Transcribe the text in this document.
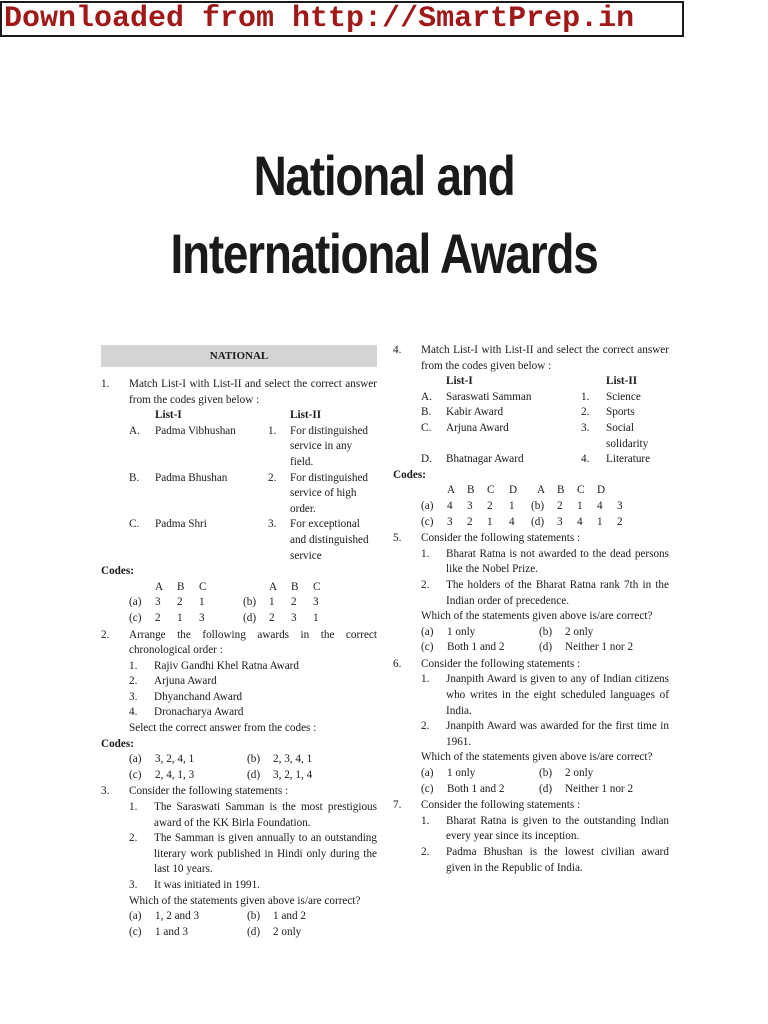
Downloaded from http://SmartPrep.in
National and
International Awards
NATIONAL
1. Match List-I with List-II and select the correct answer from the codes given below :
List-I	List-II
A.	Padma Vibhushan	1.	For distinguished service in any field.
B.	Padma Bhushan	2.	For distinguished service of high order.
C.	Padma Shri	3.	For exceptional and distinguished service
Codes:
A	B	C	A	B	C
(a)	3	2	1	(b)	1	2	3
(c)	2	1	3	(d)	2	3	1
2. Arrange the following awards in the correct chronological order :
1. Rajiv Gandhi Khel Ratna Award
2. Arjuna Award
3. Dhyanchand Award
4. Dronacharya Award
Select the correct answer from the codes :
Codes:
(a)	3, 2, 4, 1	(b)	2, 3, 4, 1
(c)	2, 4, 1, 3	(d)	3, 2, 1, 4
3. Consider the following statements :
1. The Saraswati Samman is the most prestigious award of the KK Birla Foundation.
2. The Samman is given annually to an outstanding literary work published in Hindi only during the last 10 years.
3. It was initiated in 1991.
Which of the statements given above is/are correct?
(a)	1, 2 and 3	(b)	1 and 2
(c)	1 and 3	(d)	2 only
4. Match List-I with List-II and select the correct answer from the codes given below :
List-I	List-II
A.	Saraswati Samman	1.	Science
B.	Kabir Award	2.	Sports
C.	Arjuna Award	3.	Social solidarity
D.	Bhatnagar Award	4.	Literature
Codes:
A	B	C	D	A	B	C	D
(a)	4	3	2	1	(b)	2	1	4	3
(c)	3	2	1	4	(d)	3	4	1	2
5. Consider the following statements :
1. Bharat Ratna is not awarded to the dead persons like the Nobel Prize.
2. The holders of the Bharat Ratna rank 7th in the Indian order of precedence.
Which of the statements given above is/are correct?
(a)	1 only	(b)	2 only
(c)	Both 1 and 2	(d)	Neither 1 nor 2
6. Consider the following statements :
1. Jnanpith Award is given to any of Indian citizens who writes in the eight scheduled languages of India.
2. Jnanpith Award was awarded for the first time in 1961.
Which of the statements given above is/are correct?
(a)	1 only	(b)	2 only
(c)	Both 1 and 2	(d)	Neither 1 nor 2
7. Consider the following statements :
1. Bharat Ratna is given to the outstanding Indian every year since its inception.
2. Padma Bhushan is the lowest civilian award given in the Republic of India.
